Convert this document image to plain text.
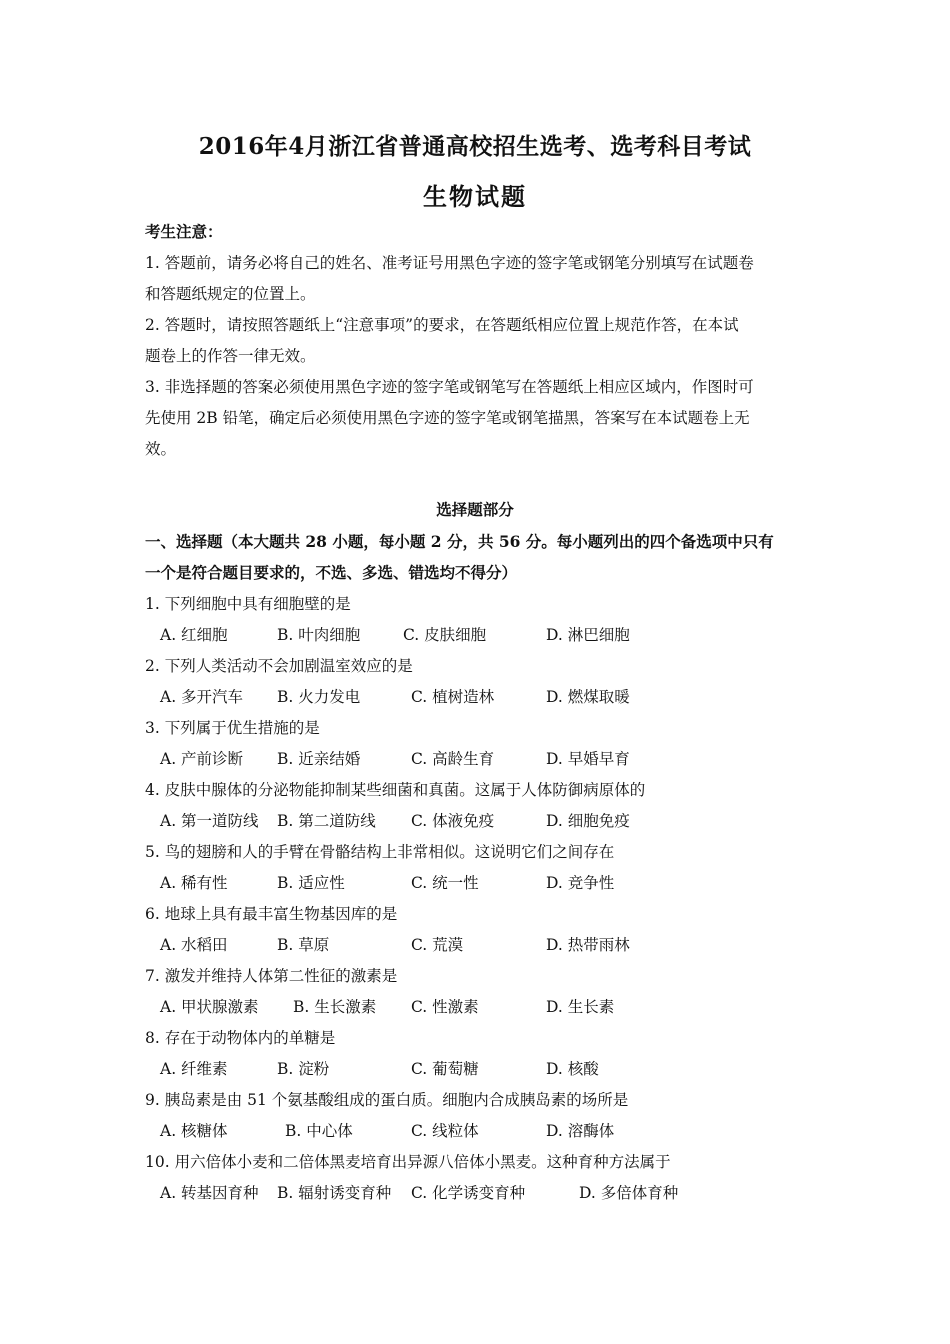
2016年4月浙江省普通高校招生选考、选考科目考试
生物试题
考生注意：
1. 答题前，请务必将自己的姓名、准考证号用黑色字迹的签字笔或钢笔分别填写在试题卷
和答题纸规定的位置上。
2. 答题时，请按照答题纸上“注意事项”的要求，在答题纸相应位置上规范作答，在本试
题卷上的作答一律无效。
3. 非选择题的答案必须使用黑色字迹的签字笔或钢笔写在答题纸上相应区域内，作图时可
先使用 2B 铅笔，确定后必须使用黑色字迹的签字笔或钢笔描黑，答案写在本试题卷上无
效。
选择题部分
一、选择题（本大题共 28 小题，每小题 2 分，共 56 分。每小题列出的四个备选项中只有
一个是符合题目要求的，不选、多选、错选均不得分）
1. 下列细胞中具有细胞壁的是
A. 红细胞	B. 叶肉细胞	C. 皮肤细胞	D. 淋巴细胞
2. 下列人类活动不会加剧温室效应的是
A. 多开汽车 B. 火力发电	C. 植树造林	D. 燃煤取暖
3. 下列属于优生措施的是
A. 产前诊断 B. 近亲结婚	C. 高龄生育	D. 早婚早育
4. 皮肤中腺体的分泌物能抑制某些细菌和真菌。这属于人体防御病原体的
A. 第一道防线 B. 第二道防线 C. 体液免疫	D. 细胞免疫
5. 鸟的翅膀和人的手臂在骨骼结构上非常相似。这说明它们之间存在
A. 稀有性	B. 适应性	C. 统一性	D. 竞争性
6. 地球上具有最丰富生物基因库的是
A. 水稻田	B. 草原	C. 荒漠	D. 热带雨林
7. 激发并维持人体第二性征的激素是
A. 甲状腺激素 B. 生长激素 C. 性激素	D. 生长素
8. 存在于动物体内的单糖是
A. 纤维素	B. 淀粉	C. 葡萄糖	D. 核酸
9. 胰岛素是由 51 个氨基酸组成的蛋白质。细胞内合成胰岛素的场所是
A. 核糖体	B. 中心体	C. 线粒体	D. 溶酶体
10. 用六倍体小麦和二倍体黑麦培育出异源八倍体小黑麦。这种育种方法属于
A. 转基因育种 B. 辐射诱变育种 C. 化学诱变育种	D. 多倍体育种
